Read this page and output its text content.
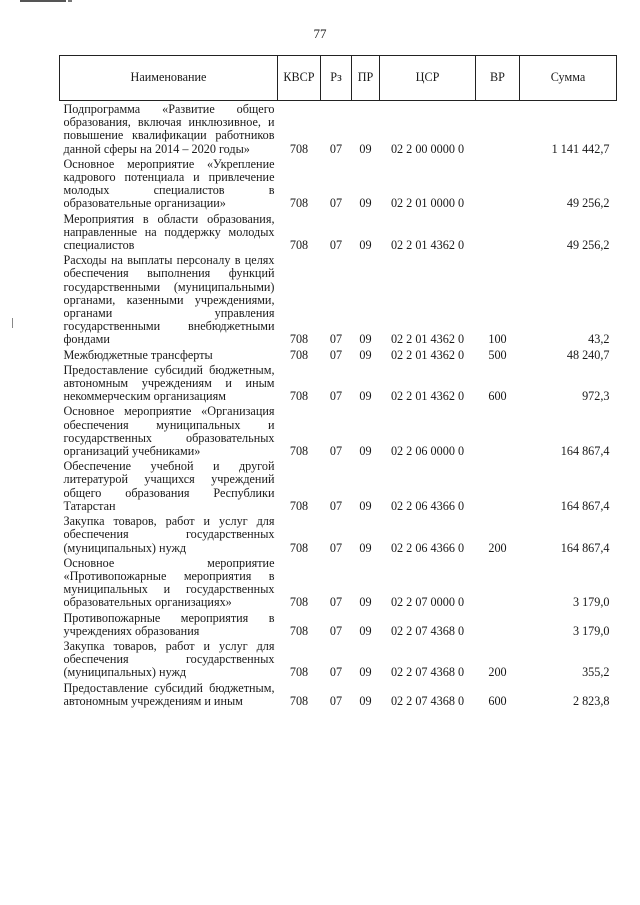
77
Наименование	КВСР	Рз	ПР	ЦСР	ВР	Сумма
Подпрограмма «Развитие общего образования, включая инклюзивное, и повышение квалификации работников данной сферы на 2014 – 2020 годы»	708	07	09	02 2 00 0000 0		1 141 442,7
Основное мероприятие «Укрепление кадрового потенциала и привлечение молодых специалистов в образовательные организации»	708	07	09	02 2 01 0000 0		49 256,2
Мероприятия в области образования, направленные на поддержку молодых специалистов	708	07	09	02 2 01 4362 0		49 256,2
Расходы на выплаты персоналу в целях обеспечения выполнения функций государственными (муниципальными) органами, казенными учреждениями, органами управления государственными внебюджетными фондами	708	07	09	02 2 01 4362 0	100	43,2
Межбюджетные трансферты	708	07	09	02 2 01 4362 0	500	48 240,7
Предоставление субсидий бюджетным, автономным учреждениям и иным некоммерческим организациям	708	07	09	02 2 01 4362 0	600	972,3
Основное мероприятие «Организация обеспечения муниципальных и государственных образовательных организаций учебниками»	708	07	09	02 2 06 0000 0		164 867,4
Обеспечение учебной и другой литературой учащихся учреждений общего образования Республики Татарстан	708	07	09	02 2 06 4366 0		164 867,4
Закупка товаров, работ и услуг для обеспечения государственных (муниципальных) нужд	708	07	09	02 2 06 4366 0	200	164 867,4
Основное мероприятие «Противопожарные мероприятия в муниципальных и государственных образовательных организациях»	708	07	09	02 2 07 0000 0		3 179,0
Противопожарные мероприятия в учреждениях образования	708	07	09	02 2 07 4368 0		3 179,0
Закупка товаров, работ и услуг для обеспечения государственных (муниципальных) нужд	708	07	09	02 2 07 4368 0	200	355,2
Предоставление субсидий бюджетным, автономным учреждениям и иным	708	07	09	02 2 07 4368 0	600	2 823,8
